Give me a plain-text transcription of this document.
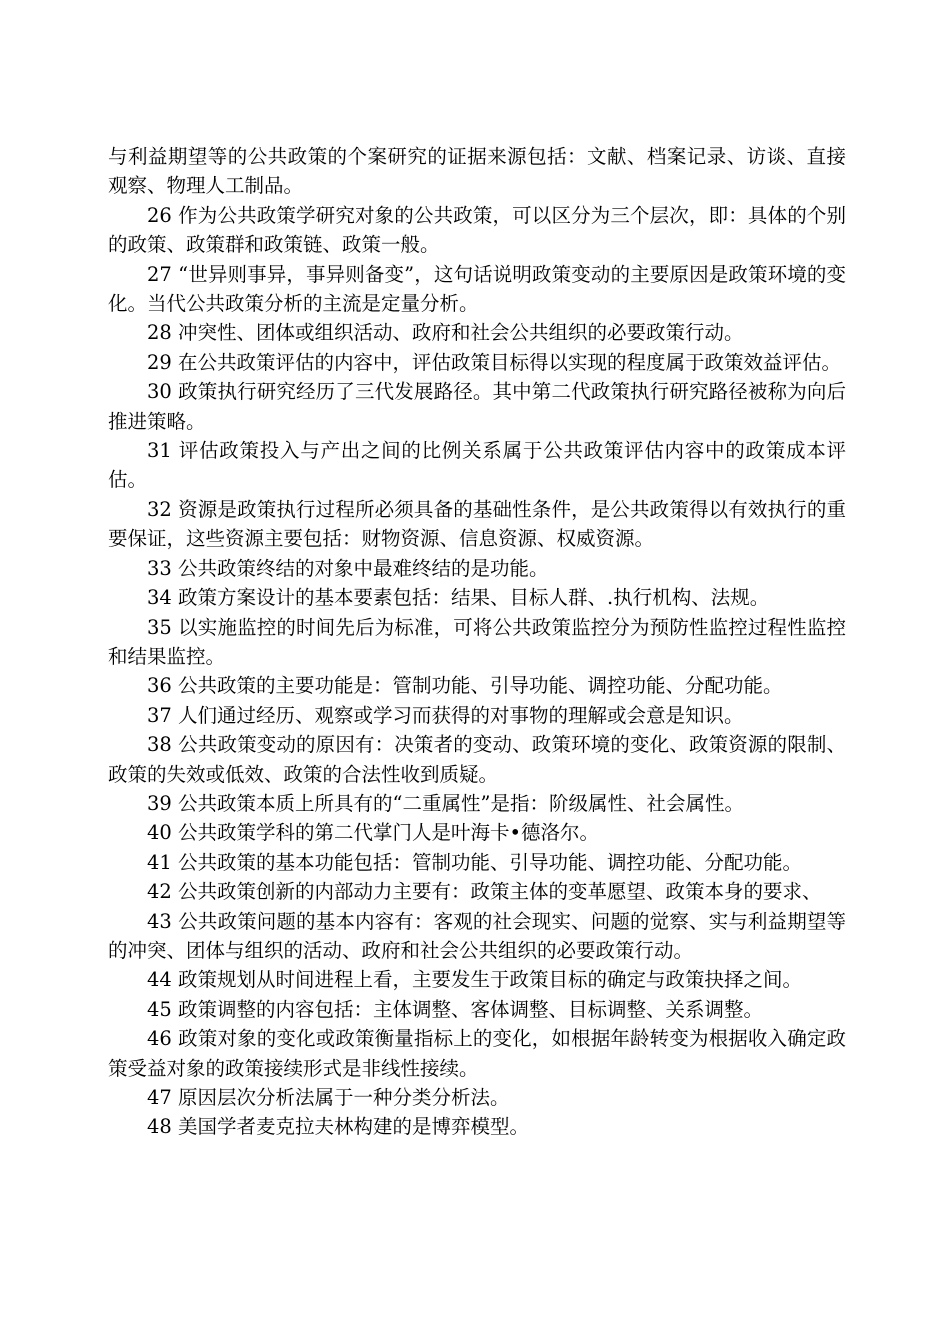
与利益期望等的公共政策的个案研究的证据来源包括：文献、档案记录、访谈、直接观察、物理人工制品。

26 作为公共政策学研究对象的公共政策，可以区分为三个层次，即：具体的个别的政策、政策群和政策链、政策一般。

27 “世异则事异，事异则备变”，这句话说明政策变动的主要原因是政策环境的变化。当代公共政策分析的主流是定量分析。

28 冲突性、团体或组织活动、政府和社会公共组织的必要政策行动。

29 在公共政策评估的内容中，评估政策目标得以实现的程度属于政策效益评估。

30 政策执行研究经历了三代发展路径。其中第二代政策执行研究路径被称为向后推进策略。

31 评估政策投入与产出之间的比例关系属于公共政策评估内容中的政策成本评估。

32 资源是政策执行过程所必须具备的基础性条件，是公共政策得以有效执行的重要保证，这些资源主要包括：财物资源、信息资源、权威资源。

33 公共政策终结的对象中最难终结的是功能。

34 政策方案设计的基本要素包括：结果、目标人群、.执行机构、法规。

35 以实施监控的时间先后为标准，可将公共政策监控分为预防性监控过程性监控和结果监控。

36 公共政策的主要功能是：管制功能、引导功能、调控功能、分配功能。

37 人们通过经历、观察或学习而获得的对事物的理解或会意是知识。

38 公共政策变动的原因有：决策者的变动、政策环境的变化、政策资源的限制、政策的失效或低效、政策的合法性收到质疑。

39 公共政策本质上所具有的“二重属性”是指：阶级属性、社会属性。

40 公共政策学科的第二代掌门人是叶海卡•德洛尔。

41 公共政策的基本功能包括：管制功能、引导功能、调控功能、分配功能。

42 公共政策创新的内部动力主要有：政策主体的变革愿望、政策本身的要求、

43 公共政策问题的基本内容有：客观的社会现实、问题的觉察、实与利益期望等的冲突、团体与组织的活动、政府和社会公共组织的必要政策行动。

44 政策规划从时间进程上看，主要发生于政策目标的确定与政策抉择之间。

45 政策调整的内容包括：主体调整、客体调整、目标调整、关系调整。

46 政策对象的变化或政策衡量指标上的变化，如根据年龄转变为根据收入确定政策受益对象的政策接续形式是非线性接续。

47 原因层次分析法属于一种分类分析法。

48 美国学者麦克拉夫林构建的是博弈模型。
